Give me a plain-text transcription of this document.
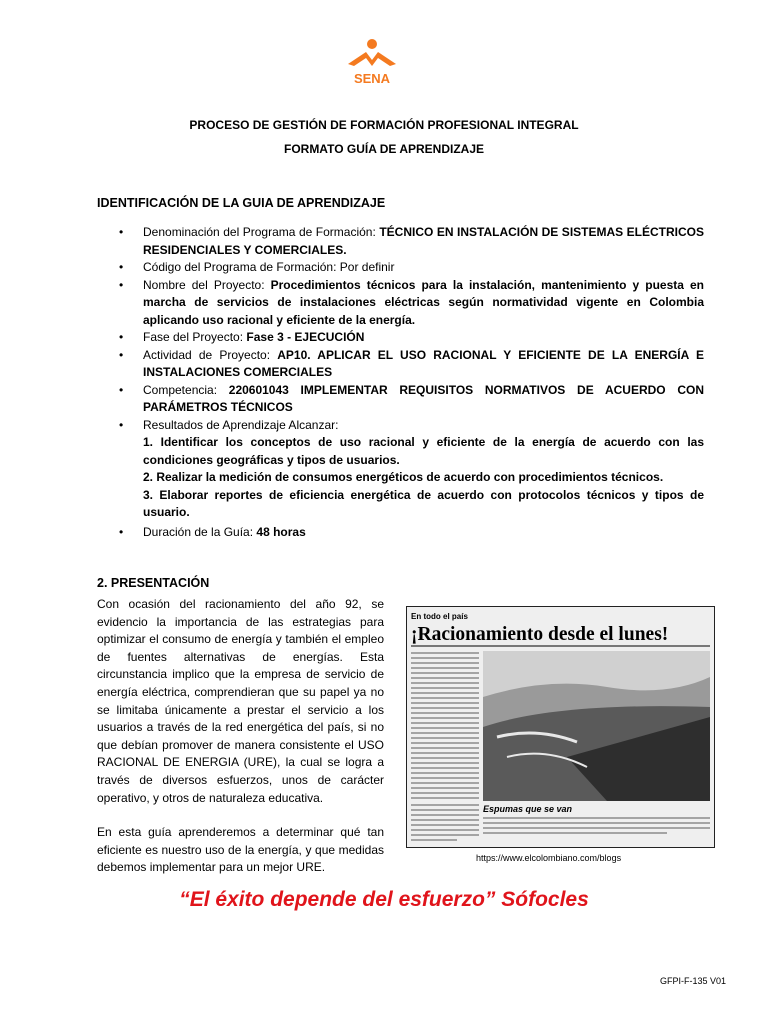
SENA
PROCESO DE GESTIÓN DE FORMACIÓN PROFESIONAL INTEGRAL
FORMATO GUÍA DE APRENDIZAJE
IDENTIFICACIÓN DE LA GUIA DE APRENDIZAJE
• Denominación del Programa de Formación: TÉCNICO EN INSTALACIÓN DE SISTEMAS ELÉCTRICOS RESIDENCIALES Y COMERCIALES.
• Código del Programa de Formación: Por definir
• Nombre del Proyecto: Procedimientos técnicos para la instalación, mantenimiento y puesta en marcha de servicios de instalaciones eléctricas según normatividad vigente en Colombia aplicando uso racional y eficiente de la energía.
• Fase del Proyecto: Fase 3 - EJECUCIÓN
• Actividad de Proyecto: AP10. APLICAR EL USO RACIONAL Y EFICIENTE DE LA ENERGÍA E INSTALACIONES COMERCIALES
• Competencia: 220601043 IMPLEMENTAR REQUISITOS NORMATIVOS DE ACUERDO CON PARÁMETROS TÉCNICOS
• Resultados de Aprendizaje Alcanzar:
1. Identificar los conceptos de uso racional y eficiente de la energía de acuerdo con las condiciones geográficas y tipos de usuarios.
2. Realizar la medición de consumos energéticos de acuerdo con procedimientos técnicos.
3. Elaborar reportes de eficiencia energética de acuerdo con protocolos técnicos y tipos de usuario.
• Duración de la Guía: 48 horas
2. PRESENTACIÓN

Con ocasión del racionamiento del año 92, se evidencio la importancia de las estrategias para optimizar el consumo de energía y también el empleo de fuentes alternativas de energías. Esta circunstancia implico que la empresa de servicio de energía eléctrica, comprendieran que su papel ya no se limitaba únicamente a prestar el servicio a los usuarios a través de la red energética del país, si no que debían promover de manera consistente el USO RACIONAL DE ENERGIA (URE), la cual se logra a través de diversos esfuerzos, unos de carácter operativo, y otros de naturaleza educativa.

En esta guía aprenderemos a determinar qué tan eficiente es nuestro uso de la energía, y que medidas debemos implementar para un mejor URE.

En todo el país
¡Racionamiento desde el lunes!
Espumas que se van
https://www.elcolombiano.com/blogs
“El éxito depende del esfuerzo” Sófocles
GFPI-F-135 V01
